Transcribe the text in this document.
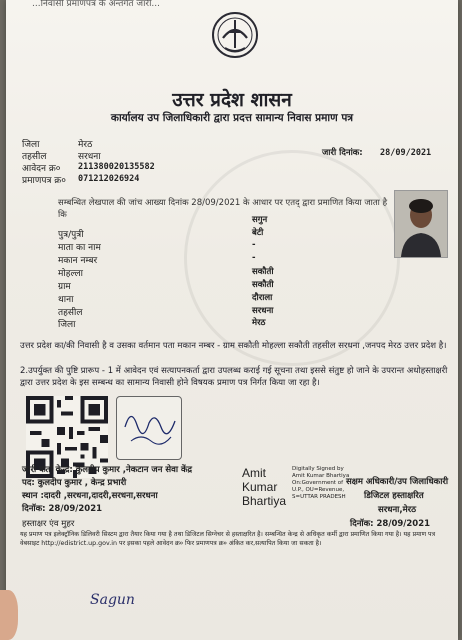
...निवासी प्रमाणपत्र के अन्तर्गत जारी...
उत्तर प्रदेश शासन
कार्यालय उप जिलाधिकारी द्वारा प्रदत्त सामान्य निवास प्रमाण पत्र
जिला	मेरठ
तहसील	सरधना
आवेदन क्र० 211380020135582
प्रमाणपत्र क्र० 071212026924
जारी दिनांक: 28/09/2021
सम्बन्धित लेखपाल की जांच आख्या दिनांक 28/09/2021 के आधार पर एतद् द्वारा प्रमाणित किया जाता है कि
पुत्र/पुत्री
माता का नाम
मकान नम्बर
मोहल्ला
ग्राम
थाना
तहसील
जिला
सगुन
बेटी
-
-
सकौती
सकौती
दौराला
सरधना
मेरठ
उत्तर प्रदेश का/की निवासी है व उसका वर्तमान पता मकान नम्बर - ग्राम सकौती मोहल्ला सकौती तहसील सरधना ,जनपद मेरठ उत्तर प्रदेश है।
2.उपर्युक्त की पुष्टि प्रारूप - 1 में आवेदन एवं सत्यापनकर्ता द्वारा उपलब्ध कराई गई सूचना तथा इससे संतुष्ट हो जाने के उपरान्त अधोहस्ताक्षरी द्वारा उत्तर प्रदेश के इस सम्बन्ध का सामान्य निवासी होने विषयक प्रमाण पत्र निर्गत किया जा रहा है।
जारी कर्ता केन्द्र: कुलदीप कुमार ,नेकटान जन सेवा केंद्र
पद: कुलदीप कुमार , केन्द्र प्रभारी
स्थान :दादरी ,सरधना,दादरी,सरधना,सरधना
दिनॉक: 28/09/2021
हस्ताक्षर एंव मुहर
Amit
Kumar
Bhartiya
Digitally Signed by Amit Kumar Bhartiya On:Government of U.P., OU=Revenue, S=UTTAR PRADESH
सक्षम अधिकारी/उप जिलाधिकारी
डिजिटल हस्ताक्षरित
सरधना,मेरठ
दिनॉक: 28/09/2021
यह प्रमाण पत्र इलेक्ट्रॉनिक डिलिवरी सिस्टम द्वारा तैयार किया गया है तथा डिजिटल सिग्नेचर से हस्ताक्षरित है। सम्बन्धित केन्द्र से अधिकृत कर्मी द्वारा प्रमाणित किया गया है। यह प्रमाण पत्र वेबसाइट http://edistrict.up.gov.in पर इसका पहले आवेदन क्र० फिर प्रमाणपत्र क्र० अंकित कर,सत्यापित किया जा सकता है।
Sagun
